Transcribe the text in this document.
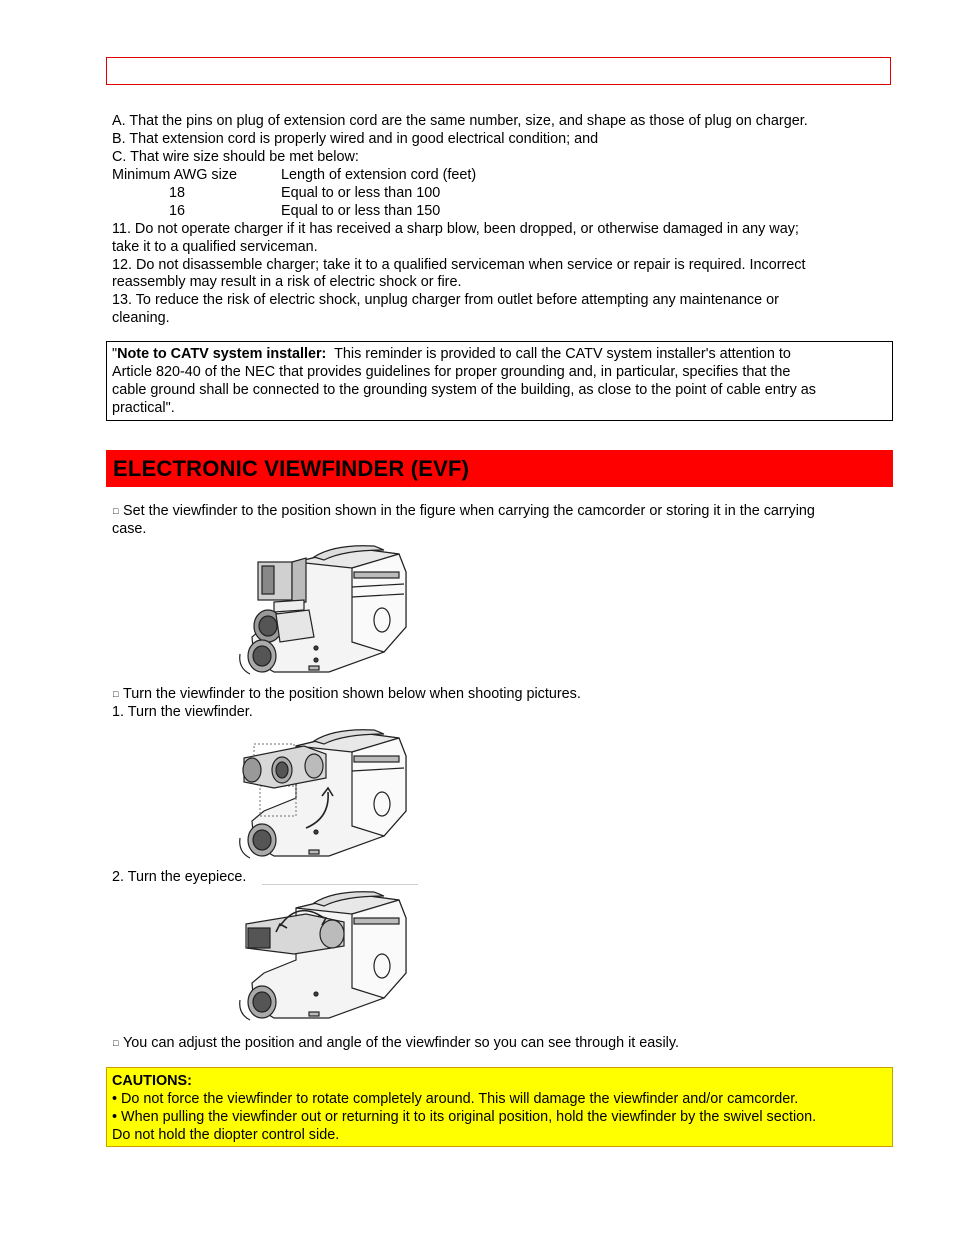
A. That the pins on plug of extension cord are the same number, size, and shape as those of plug on charger.
B. That extension cord is properly wired and in good electrical condition; and
C. That wire size should be met below:
Minimum AWG size	Length of extension cord (feet)
18	Equal to or less than 100
16	Equal to or less than 150
11. Do not operate charger if it has received a sharp blow, been dropped, or otherwise damaged in any way;
take it to a qualified serviceman.
12. Do not disassemble charger; take it to a qualified serviceman when service or repair is required. Incorrect
reassembly may result in a risk of electric shock or fire.
13. To reduce the risk of electric shock, unplug charger from outlet before attempting any maintenance or
cleaning.
"Note to CATV system installer:  This reminder is provided to call the CATV system installer's attention to
Article 820-40 of the NEC that provides guidelines for proper grounding and, in particular, specifies that the
cable ground shall be connected to the grounding system of the building, as close to the point of cable entry as
practical".
ELECTRONIC VIEWFINDER (EVF)
□ Set the viewfinder to the position shown in the figure when carrying the camcorder or storing it in the carrying
case.
□ Turn the viewfinder to the position shown below when shooting pictures.
1. Turn the viewfinder.
2. Turn the eyepiece.
□ You can adjust the position and angle of the viewfinder so you can see through it easily.
CAUTIONS:
• Do not force the viewfinder to rotate completely around. This will damage the viewfinder and/or camcorder.
• When pulling the viewfinder out or returning it to its original position, hold the viewfinder by the swivel section.
Do not hold the diopter control side.
